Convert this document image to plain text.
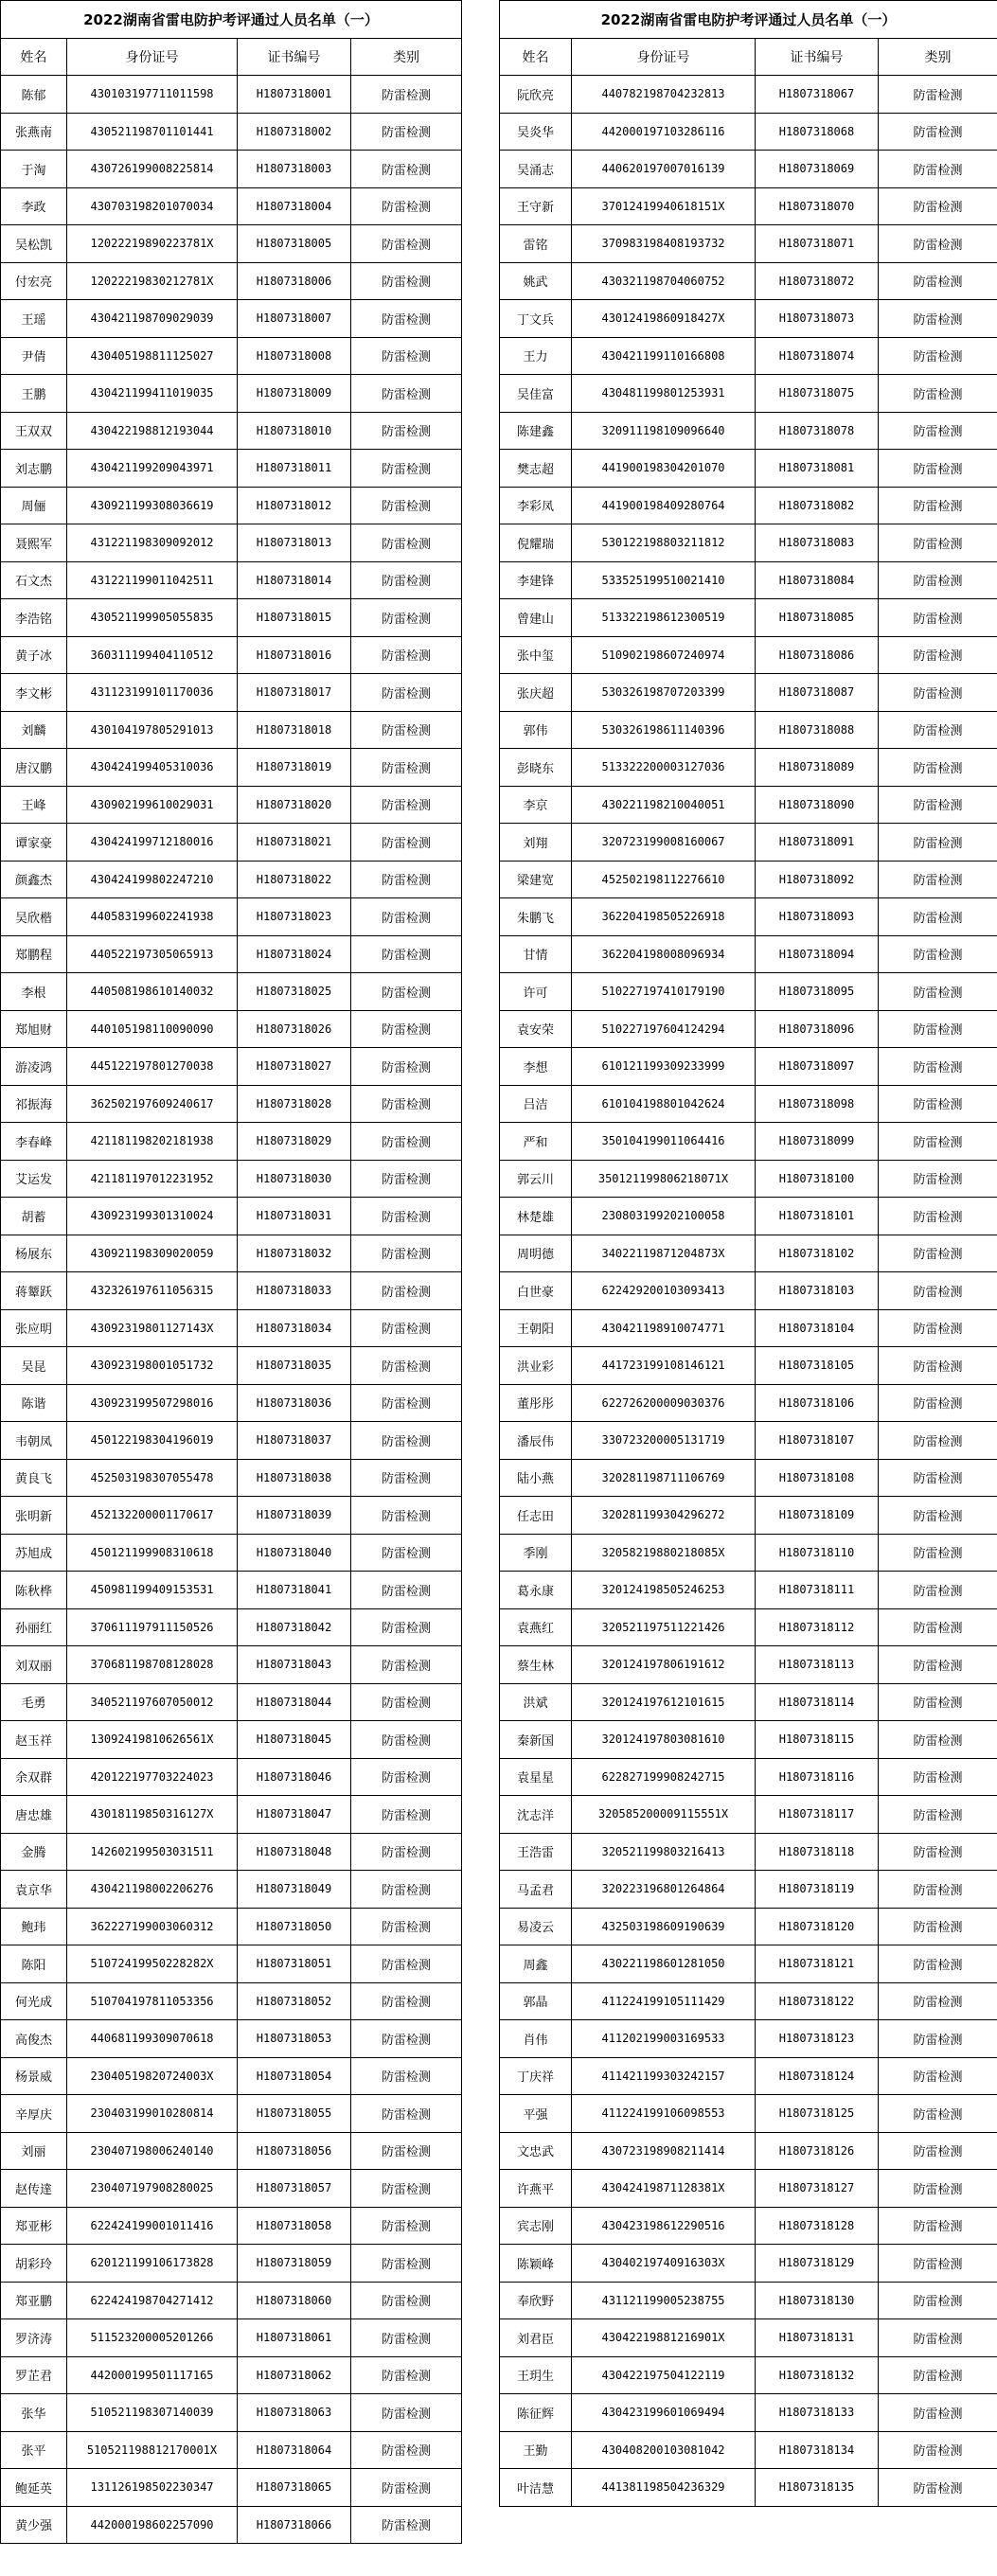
2022湖南省雷电防护考评通过人员名单（一）			
姓名	身份证号	证书编号	类别
陈郁	430103197711011598	H1807318001	防雷检测
张燕南	430521198701101441	H1807318002	防雷检测
于淘	430726199008225814	H1807318003	防雷检测
李政	430703198201070034	H1807318004	防雷检测
吴松凯	12022219890223781X	H1807318005	防雷检测
付宏亮	12022219830212781X	H1807318006	防雷检测
王瑶	430421198709029039	H1807318007	防雷检测
尹倩	430405198811125027	H1807318008	防雷检测
王鹏	430421199411019035	H1807318009	防雷检测
王双双	430422198812193044	H1807318010	防雷检测
刘志鹏	430421199209043971	H1807318011	防雷检测
周俪	430921199308036619	H1807318012	防雷检测
聂熙军	431221198309092012	H1807318013	防雷检测
石文杰	431221199011042511	H1807318014	防雷检测
李浩铭	430521199905055835	H1807318015	防雷检测
黄子冰	360311199404110512	H1807318016	防雷检测
李文彬	431123199101170036	H1807318017	防雷检测
刘麟	430104197805291013	H1807318018	防雷检测
唐汉鹏	430424199405310036	H1807318019	防雷检测
王峰	430902199610029031	H1807318020	防雷检测
谭家豪	430424199712180016	H1807318021	防雷检测
颜鑫杰	430424199802247210	H1807318022	防雷检测
吴欣楷	440583199602241938	H1807318023	防雷检测
郑鹏程	440522197305065913	H1807318024	防雷检测
李根	440508198610140032	H1807318025	防雷检测
郑旭财	440105198110090090	H1807318026	防雷检测
游凌鸿	445122197801270038	H1807318027	防雷检测
祁振海	362502197609240617	H1807318028	防雷检测
李春峰	421181198202181938	H1807318029	防雷检测
艾运发	421181197012231952	H1807318030	防雷检测
胡蓄	430923199301310024	H1807318031	防雷检测
杨展东	430921198309020059	H1807318032	防雷检测
蒋颦跃	432326197611056315	H1807318033	防雷检测
张应明	43092319801127143X	H1807318034	防雷检测
吴昆	430923198001051732	H1807318035	防雷检测
陈谐	430923199507298016	H1807318036	防雷检测
韦朝凤	450122198304196019	H1807318037	防雷检测
黄良飞	452503198307055478	H1807318038	防雷检测
张明新	452132200001170617	H1807318039	防雷检测
苏旭成	450121199908310618	H1807318040	防雷检测
陈秋桦	450981199409153531	H1807318041	防雷检测
孙丽红	370611197911150526	H1807318042	防雷检测
刘双丽	370681198708128028	H1807318043	防雷检测
毛勇	340521197607050012	H1807318044	防雷检测
赵玉祥	13092419810626561X	H1807318045	防雷检测
余双群	420122197703224023	H1807318046	防雷检测
唐忠雄	43018119850316127X	H1807318047	防雷检测
金腾	142602199503031511	H1807318048	防雷检测
袁京华	430421198002206276	H1807318049	防雷检测
鲍玮	362227199003060312	H1807318050	防雷检测
陈阳	51072419950228282X	H1807318051	防雷检测
何光成	510704197811053356	H1807318052	防雷检测
高俊杰	440681199309070618	H1807318053	防雷检测
杨景威	23040519820724003X	H1807318054	防雷检测
辛厚庆	230403199010280814	H1807318055	防雷检测
刘丽	230407198006240140	H1807318056	防雷检测
赵传達	230407197908280025	H1807318057	防雷检测
郑亚彬	622424199001011416	H1807318058	防雷检测
胡彩玲	620121199106173828	H1807318059	防雷检测
郑亚鹏	622424198704271412	H1807318060	防雷检测
罗济涛	511523200005201266	H1807318061	防雷检测
罗芷君	442000199501117165	H1807318062	防雷检测
张华	510521198307140039	H1807318063	防雷检测
张平	510521198812170001X	H1807318064	防雷检测
鲍延英	131126198502230347	H1807318065	防雷检测
黄少强	442000198602257090	H1807318066	防雷检测
2022湖南省雷电防护考评通过人员名单（一）			
姓名	身份证号	证书编号	类别
阮欣亮	440782198704232813	H1807318067	防雷检测
吴炎华	442000197103286116	H1807318068	防雷检测
吴涌志	440620197007016139	H1807318069	防雷检测
王守新	37012419940618151X	H1807318070	防雷检测
雷铭	370983198408193732	H1807318071	防雷检测
姚武	430321198704060752	H1807318072	防雷检测
丁文兵	43012419860918427X	H1807318073	防雷检测
王力	430421199110166808	H1807318074	防雷检测
吴佳富	430481199801253931	H1807318075	防雷检测
陈建鑫	320911198109096640	H1807318078	防雷检测
樊志超	441900198304201070	H1807318081	防雷检测
李彩凤	441900198409280764	H1807318082	防雷检测
倪耀瑞	530122198803211812	H1807318083	防雷检测
李建锋	533525199510021410	H1807318084	防雷检测
曾建山	513322198612300519	H1807318085	防雷检测
张中玺	510902198607240974	H1807318086	防雷检测
张庆超	530326198707203399	H1807318087	防雷检测
郭伟	530326198611140396	H1807318088	防雷检测
彭晓东	513322200003127036	H1807318089	防雷检测
李京	430221198210040051	H1807318090	防雷检测
刘翔	320723199008160067	H1807318091	防雷检测
梁建宽	452502198112276610	H1807318092	防雷检测
朱鹏飞	362204198505226918	H1807318093	防雷检测
甘情	362204198008096934	H1807318094	防雷检测
许可	510227197410179190	H1807318095	防雷检测
袁安荣	510227197604124294	H1807318096	防雷检测
李想	610121199309233999	H1807318097	防雷检测
吕洁	610104198801042624	H1807318098	防雷检测
严和	350104199011064416	H1807318099	防雷检测
郭云川	350121199806218071X	H1807318100	防雷检测
林楚雄	230803199202100058	H1807318101	防雷检测
周明德	34022119871204873X	H1807318102	防雷检测
白世豪	622429200103093413	H1807318103	防雷检测
王朝阳	430421198910074771	H1807318104	防雷检测
洪业彩	441723199108146121	H1807318105	防雷检测
董彤彤	622726200009030376	H1807318106	防雷检测
潘辰伟	330723200005131719	H1807318107	防雷检测
陆小燕	320281198711106769	H1807318108	防雷检测
任志田	320281199304296272	H1807318109	防雷检测
季刚	32058219880218085X	H1807318110	防雷检测
葛永康	320124198505246253	H1807318111	防雷检测
袁燕红	320521197511221426	H1807318112	防雷检测
蔡生林	320124197806191612	H1807318113	防雷检测
洪斌	320124197612101615	H1807318114	防雷检测
秦新国	320124197803081610	H1807318115	防雷检测
袁星星	622827199908242715	H1807318116	防雷检测
沈志洋	320585200009115551X	H1807318117	防雷检测
王浩雷	320521199803216413	H1807318118	防雷检测
马孟君	320223196801264864	H1807318119	防雷检测
易凌云	432503198609190639	H1807318120	防雷检测
周鑫	430221198601281050	H1807318121	防雷检测
郭晶	411224199105111429	H1807318122	防雷检测
肖伟	411202199003169533	H1807318123	防雷检测
丁庆祥	411421199303242157	H1807318124	防雷检测
平强	411224199106098553	H1807318125	防雷检测
文忠武	430723198908211414	H1807318126	防雷检测
许燕平	43042419871128381X	H1807318127	防雷检测
宾志刚	430423198612290516	H1807318128	防雷检测
陈颖峰	43040219740916303X	H1807318129	防雷检测
奉欣野	431121199005238755	H1807318130	防雷检测
刘君臣	43042219881216901X	H1807318131	防雷检测
王玥生	430422197504122119	H1807318132	防雷检测
陈征辉	430423199601069494	H1807318133	防雷检测
王勤	430408200103081042	H1807318134	防雷检测
叶洁慧	441381198504236329	H1807318135	防雷检测
